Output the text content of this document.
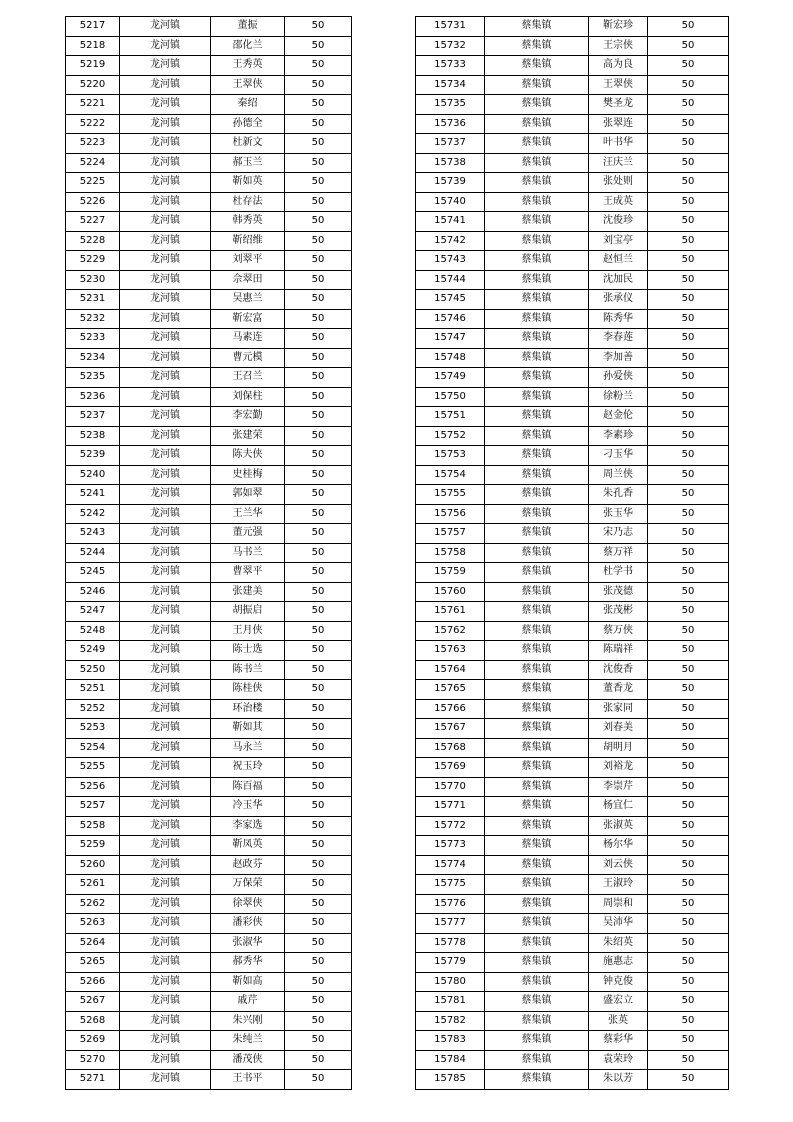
5217	龙河镇	董振	50
5218	龙河镇	邵化兰	50
5219	龙河镇	王秀英	50
5220	龙河镇	王翠侠	50
5221	龙河镇	秦绍	50
5222	龙河镇	孙德全	50
5223	龙河镇	杜新文	50
5224	龙河镇	郝玉兰	50
5225	龙河镇	靳如英	50
5226	龙河镇	杜存法	50
5227	龙河镇	韩秀英	50
5228	龙河镇	靳绍维	50
5229	龙河镇	刘翠平	50
5230	龙河镇	佘翠田	50
5231	龙河镇	吴惠兰	50
5232	龙河镇	靳宏富	50
5233	龙河镇	马素连	50
5234	龙河镇	曹元模	50
5235	龙河镇	王召兰	50
5236	龙河镇	刘保柱	50
5237	龙河镇	李宏勤	50
5238	龙河镇	张建荣	50
5239	龙河镇	陈夫侠	50
5240	龙河镇	史桂梅	50
5241	龙河镇	郭如翠	50
5242	龙河镇	王兰华	50
5243	龙河镇	董元强	50
5244	龙河镇	马书兰	50
5245	龙河镇	曹翠平	50
5246	龙河镇	张建美	50
5247	龙河镇	胡振启	50
5248	龙河镇	王月侠	50
5249	龙河镇	陈士选	50
5250	龙河镇	陈书兰	50
5251	龙河镇	陈桂侠	50
5252	龙河镇	环治楼	50
5253	龙河镇	靳如其	50
5254	龙河镇	马永兰	50
5255	龙河镇	祝玉玲	50
5256	龙河镇	陈百福	50
5257	龙河镇	冷玉华	50
5258	龙河镇	李家选	50
5259	龙河镇	靳凤英	50
5260	龙河镇	赵政芬	50
5261	龙河镇	万保荣	50
5262	龙河镇	徐翠侠	50
5263	龙河镇	潘彩侠	50
5264	龙河镇	张淑华	50
5265	龙河镇	郝秀华	50
5266	龙河镇	靳如高	50
5267	龙河镇	戚芹	50
5268	龙河镇	朱兴刚	50
5269	龙河镇	朱纯兰	50
5270	龙河镇	潘茂侠	50
5271	龙河镇	王书平	50
15731	蔡集镇	靳宏珍	50
15732	蔡集镇	王宗侠	50
15733	蔡集镇	高为良	50
15734	蔡集镇	王翠侠	50
15735	蔡集镇	樊圣龙	50
15736	蔡集镇	张翠连	50
15737	蔡集镇	叶书华	50
15738	蔡集镇	汪庆兰	50
15739	蔡集镇	张处则	50
15740	蔡集镇	王成英	50
15741	蔡集镇	沈俊珍	50
15742	蔡集镇	刘宝亭	50
15743	蔡集镇	赵恒兰	50
15744	蔡集镇	沈加民	50
15745	蔡集镇	张承仪	50
15746	蔡集镇	陈秀华	50
15747	蔡集镇	李春莲	50
15748	蔡集镇	李加善	50
15749	蔡集镇	孙爱侠	50
15750	蔡集镇	徐粉兰	50
15751	蔡集镇	赵金伦	50
15752	蔡集镇	李素珍	50
15753	蔡集镇	刁玉华	50
15754	蔡集镇	周兰侠	50
15755	蔡集镇	朱孔香	50
15756	蔡集镇	张玉华	50
15757	蔡集镇	宋乃志	50
15758	蔡集镇	蔡万祥	50
15759	蔡集镇	杜学书	50
15760	蔡集镇	张茂德	50
15761	蔡集镇	张茂彬	50
15762	蔡集镇	蔡万侠	50
15763	蔡集镇	陈瑞祥	50
15764	蔡集镇	沈俊香	50
15765	蔡集镇	董香龙	50
15766	蔡集镇	张家同	50
15767	蔡集镇	刘春美	50
15768	蔡集镇	胡明月	50
15769	蔡集镇	刘裕龙	50
15770	蔡集镇	李崇芹	50
15771	蔡集镇	杨宜仁	50
15772	蔡集镇	张淑英	50
15773	蔡集镇	杨尔华	50
15774	蔡集镇	刘云侠	50
15775	蔡集镇	王淑玲	50
15776	蔡集镇	周崇和	50
15777	蔡集镇	吴沛华	50
15778	蔡集镇	朱绍英	50
15779	蔡集镇	施惠志	50
15780	蔡集镇	钟克俊	50
15781	蔡集镇	盛宏立	50
15782	蔡集镇	张英	50
15783	蔡集镇	蔡彩华	50
15784	蔡集镇	袁荣玲	50
15785	蔡集镇	朱以芳	50
